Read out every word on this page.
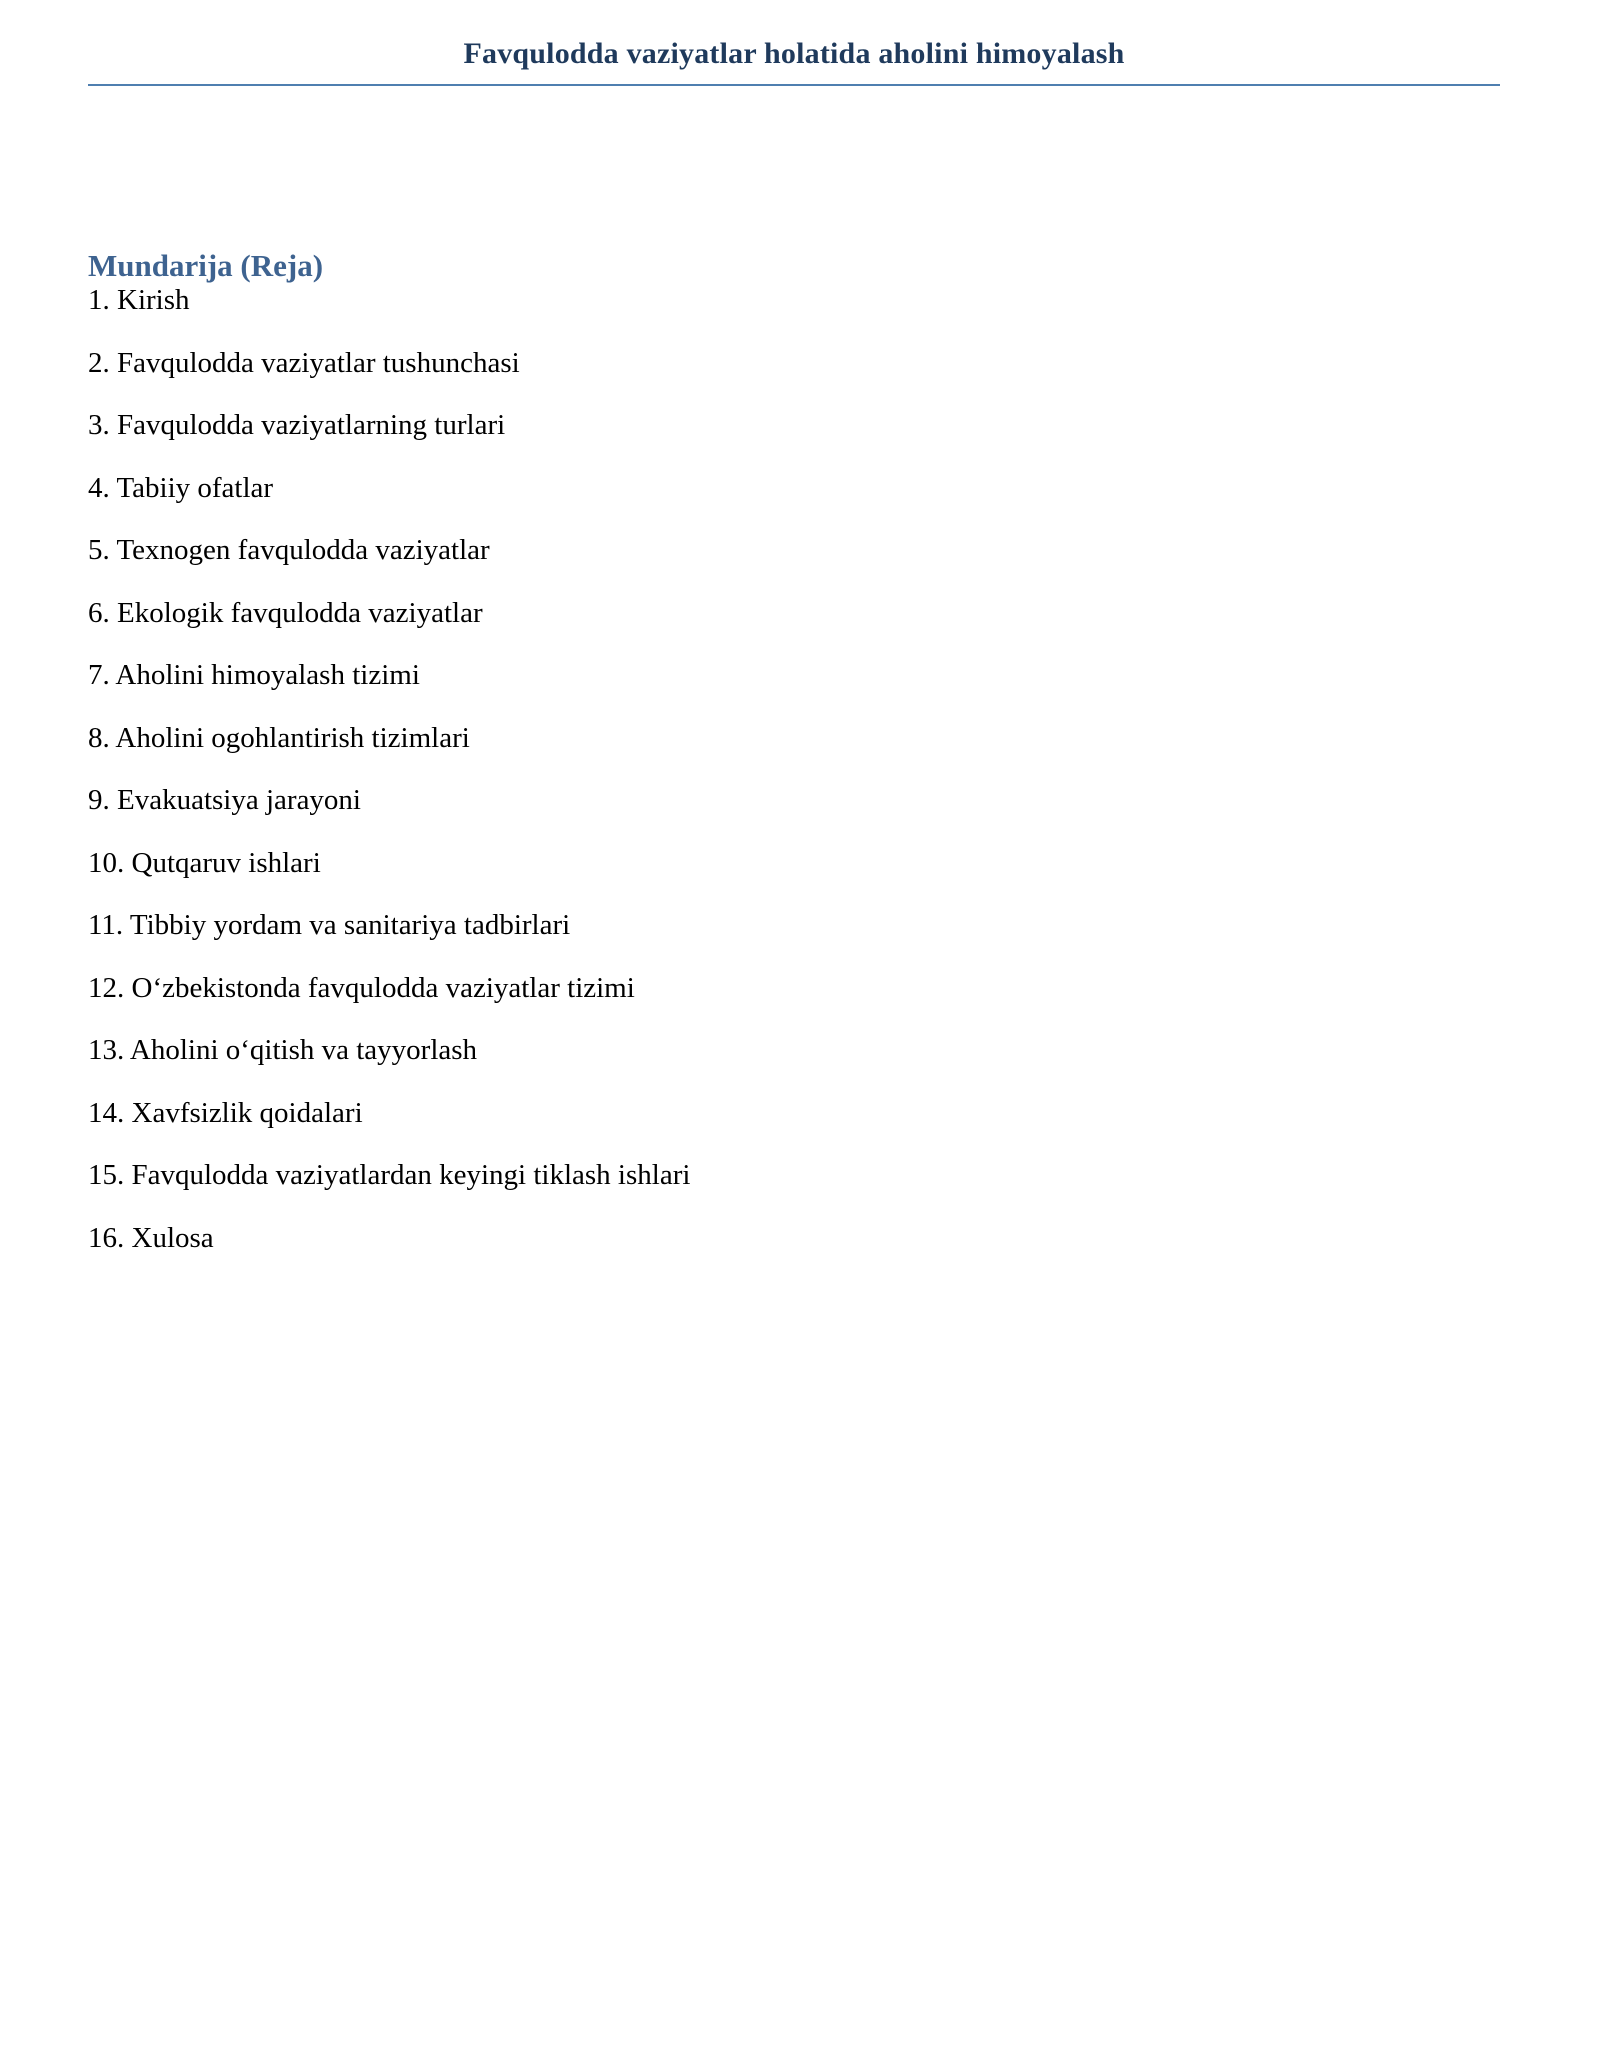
Favqulodda vaziyatlar holatida aholini himoyalash
Mundarija (Reja)
1. Kirish
2. Favqulodda vaziyatlar tushunchasi
3. Favqulodda vaziyatlarning turlari
4. Tabiiy ofatlar
5. Texnogen favqulodda vaziyatlar
6. Ekologik favqulodda vaziyatlar
7. Aholini himoyalash tizimi
8. Aholini ogohlantirish tizimlari
9. Evakuatsiya jarayoni
10. Qutqaruv ishlari
11. Tibbiy yordam va sanitariya tadbirlari
12. O‘zbekistonda favqulodda vaziyatlar tizimi
13. Aholini o‘qitish va tayyorlash
14. Xavfsizlik qoidalari
15. Favqulodda vaziyatlardan keyingi tiklash ishlari
16. Xulosa
